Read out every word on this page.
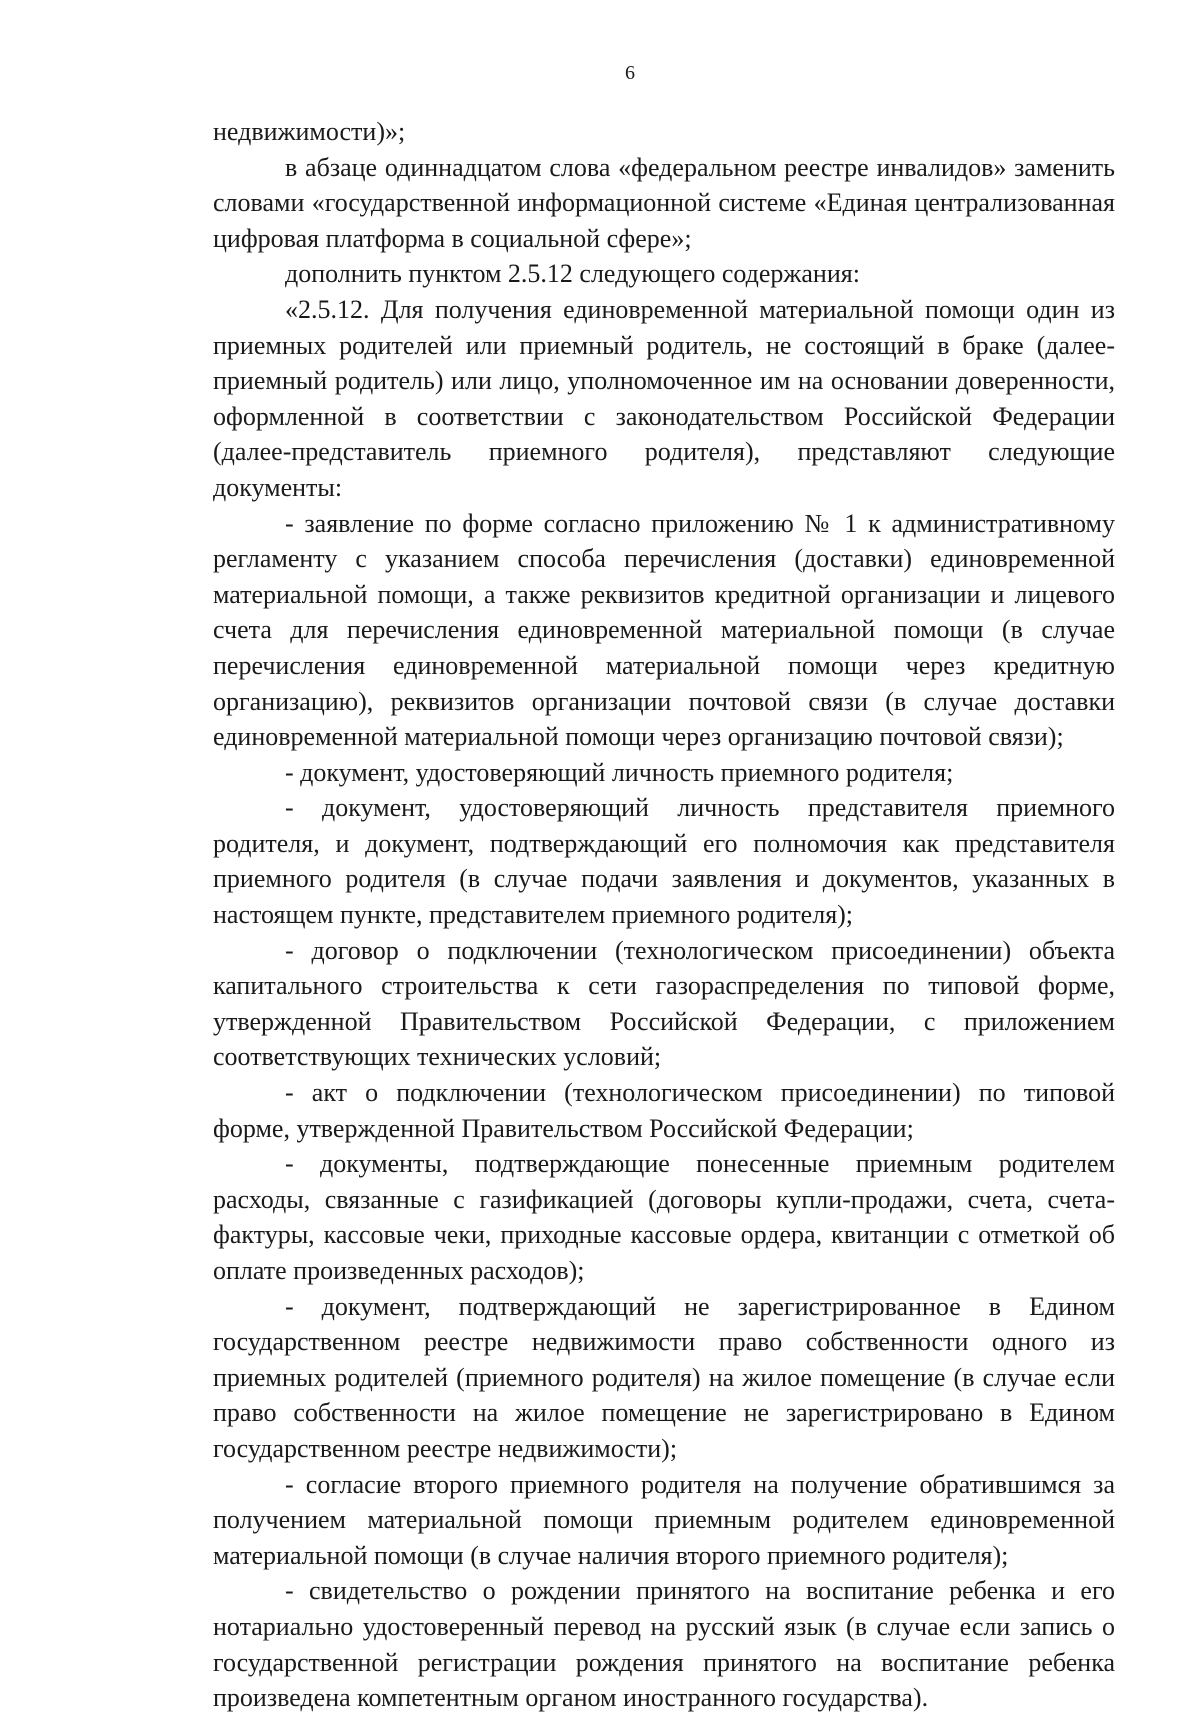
6

недвижимости)»;

в абзаце одиннадцатом слова «федеральном реестре инвалидов» заменить словами «государственной информационной системе «Единая централизованная цифровая платформа в социальной сфере»;

дополнить пунктом 2.5.12 следующего содержания:

«2.5.12. Для получения единовременной материальной помощи один из приемных родителей или приемный родитель, не состоящий в браке (далее-приемный родитель) или лицо, уполномоченное им на основании доверенности, оформленной в соответствии с законодательством Российской Федерации (далее-представитель приемного родителя), представляют следующие документы:

- заявление по форме согласно приложению № 1 к административному регламенту с указанием способа перечисления (доставки) единовременной материальной помощи, а также реквизитов кредитной организации и лицевого счета для перечисления единовременной материальной помощи (в случае перечисления единовременной материальной помощи через кредитную организацию), реквизитов организации почтовой связи (в случае доставки единовременной материальной помощи через организацию почтовой связи);

- документ, удостоверяющий личность приемного родителя;

- документ, удостоверяющий личность представителя приемного родителя, и документ, подтверждающий его полномочия как представителя приемного родителя (в случае подачи заявления и документов, указанных в настоящем пункте, представителем приемного родителя);

- договор о подключении (технологическом присоединении) объекта капитального строительства к сети газораспределения по типовой форме, утвержденной Правительством Российской Федерации, с приложением соответствующих технических условий;

- акт о подключении (технологическом присоединении) по типовой форме, утвержденной Правительством Российской Федерации;

- документы, подтверждающие понесенные приемным родителем расходы, связанные с газификацией (договоры купли-продажи, счета, счета-фактуры, кассовые чеки, приходные кассовые ордера, квитанции с отметкой об оплате произведенных расходов);

- документ, подтверждающий не зарегистрированное в Едином государственном реестре недвижимости право собственности одного из приемных родителей (приемного родителя) на жилое помещение (в случае если право собственности на жилое помещение не зарегистрировано в Едином государственном реестре недвижимости);

- согласие второго приемного родителя на получение обратившимся за получением материальной помощи приемным родителем единовременной материальной помощи (в случае наличия второго приемного родителя);

- свидетельство о рождении принятого на воспитание ребенка и его нотариально удостоверенный перевод на русский язык (в случае если запись о государственной регистрации рождения принятого на воспитание ребенка произведена компетентным органом иностранного государства).
